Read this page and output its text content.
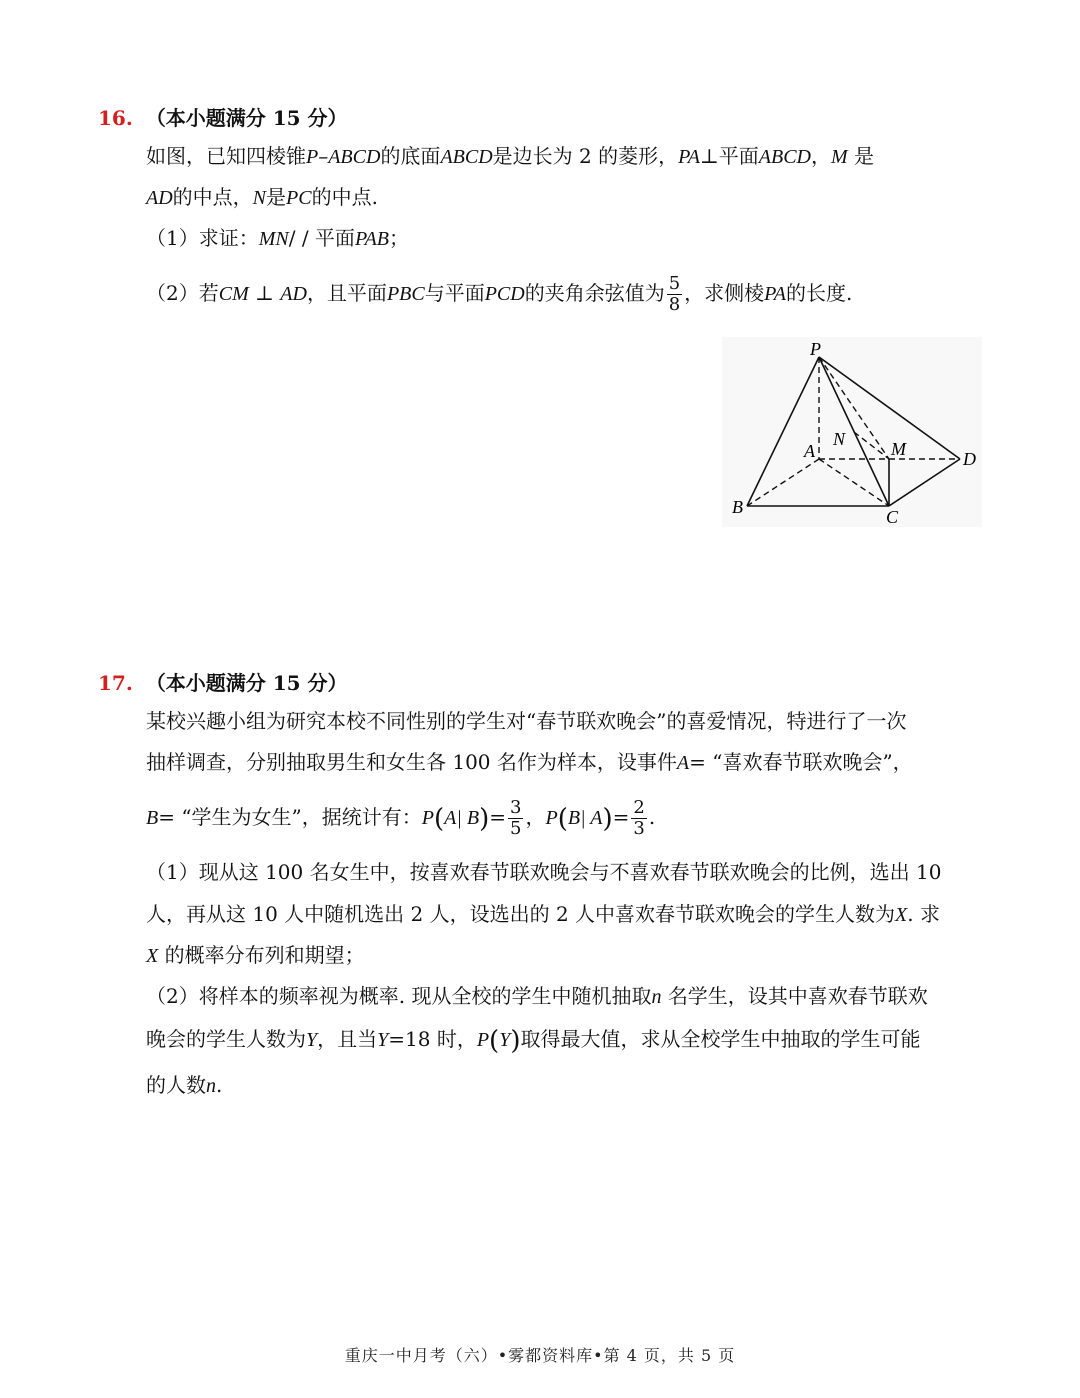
16. （本小题满分 15 分）
如图，已知四棱锥P–ABCD的底面ABCD是边长为 2 的菱形，PA⊥平面ABCD，M 是
AD的中点，N是PC的中点.
（1）求证：MN/ / 平面PAB；
（2）若CM ⊥ AD，且平面PBC与平面PCD的夹角余弦值为 $\frac{5}{8}$ ，求侧棱PA的长度.
P
A
B	C
D
M
N
17. （本小题满分 15 分）
某校兴趣小组为研究本校不同性别的学生对“春节联欢晚会”的喜爱情况，特进行了一次
抽样调查，分别抽取男生和女生各 100 名作为样本，设事件A= “喜欢春节联欢晚会”，
B= “学生为女生”，据统计有：P(A| $B)= \frac{3}{5}$ ，P(B| $A)= \frac{2}{3}$ .
（1）现从这 100 名女生中，按喜欢春节联欢晚会与不喜欢春节联欢晚会的比例，选出 10
人，再从这 10 人中随机选出 2 人，设选出的 2 人中喜欢春节联欢晚会的学生人数为X. 求
X 的概率分布列和期望；
（2）将样本的频率视为概率. 现从全校的学生中随机抽取n 名学生，设其中喜欢春节联欢
晚会的学生人数为Y，且当Y=18 时，P(Y)取得最大值，求从全校学生中抽取的学生可能
的人数n.
重庆一中月考（六）•雾都资料库•第 4 页，共 5 页
